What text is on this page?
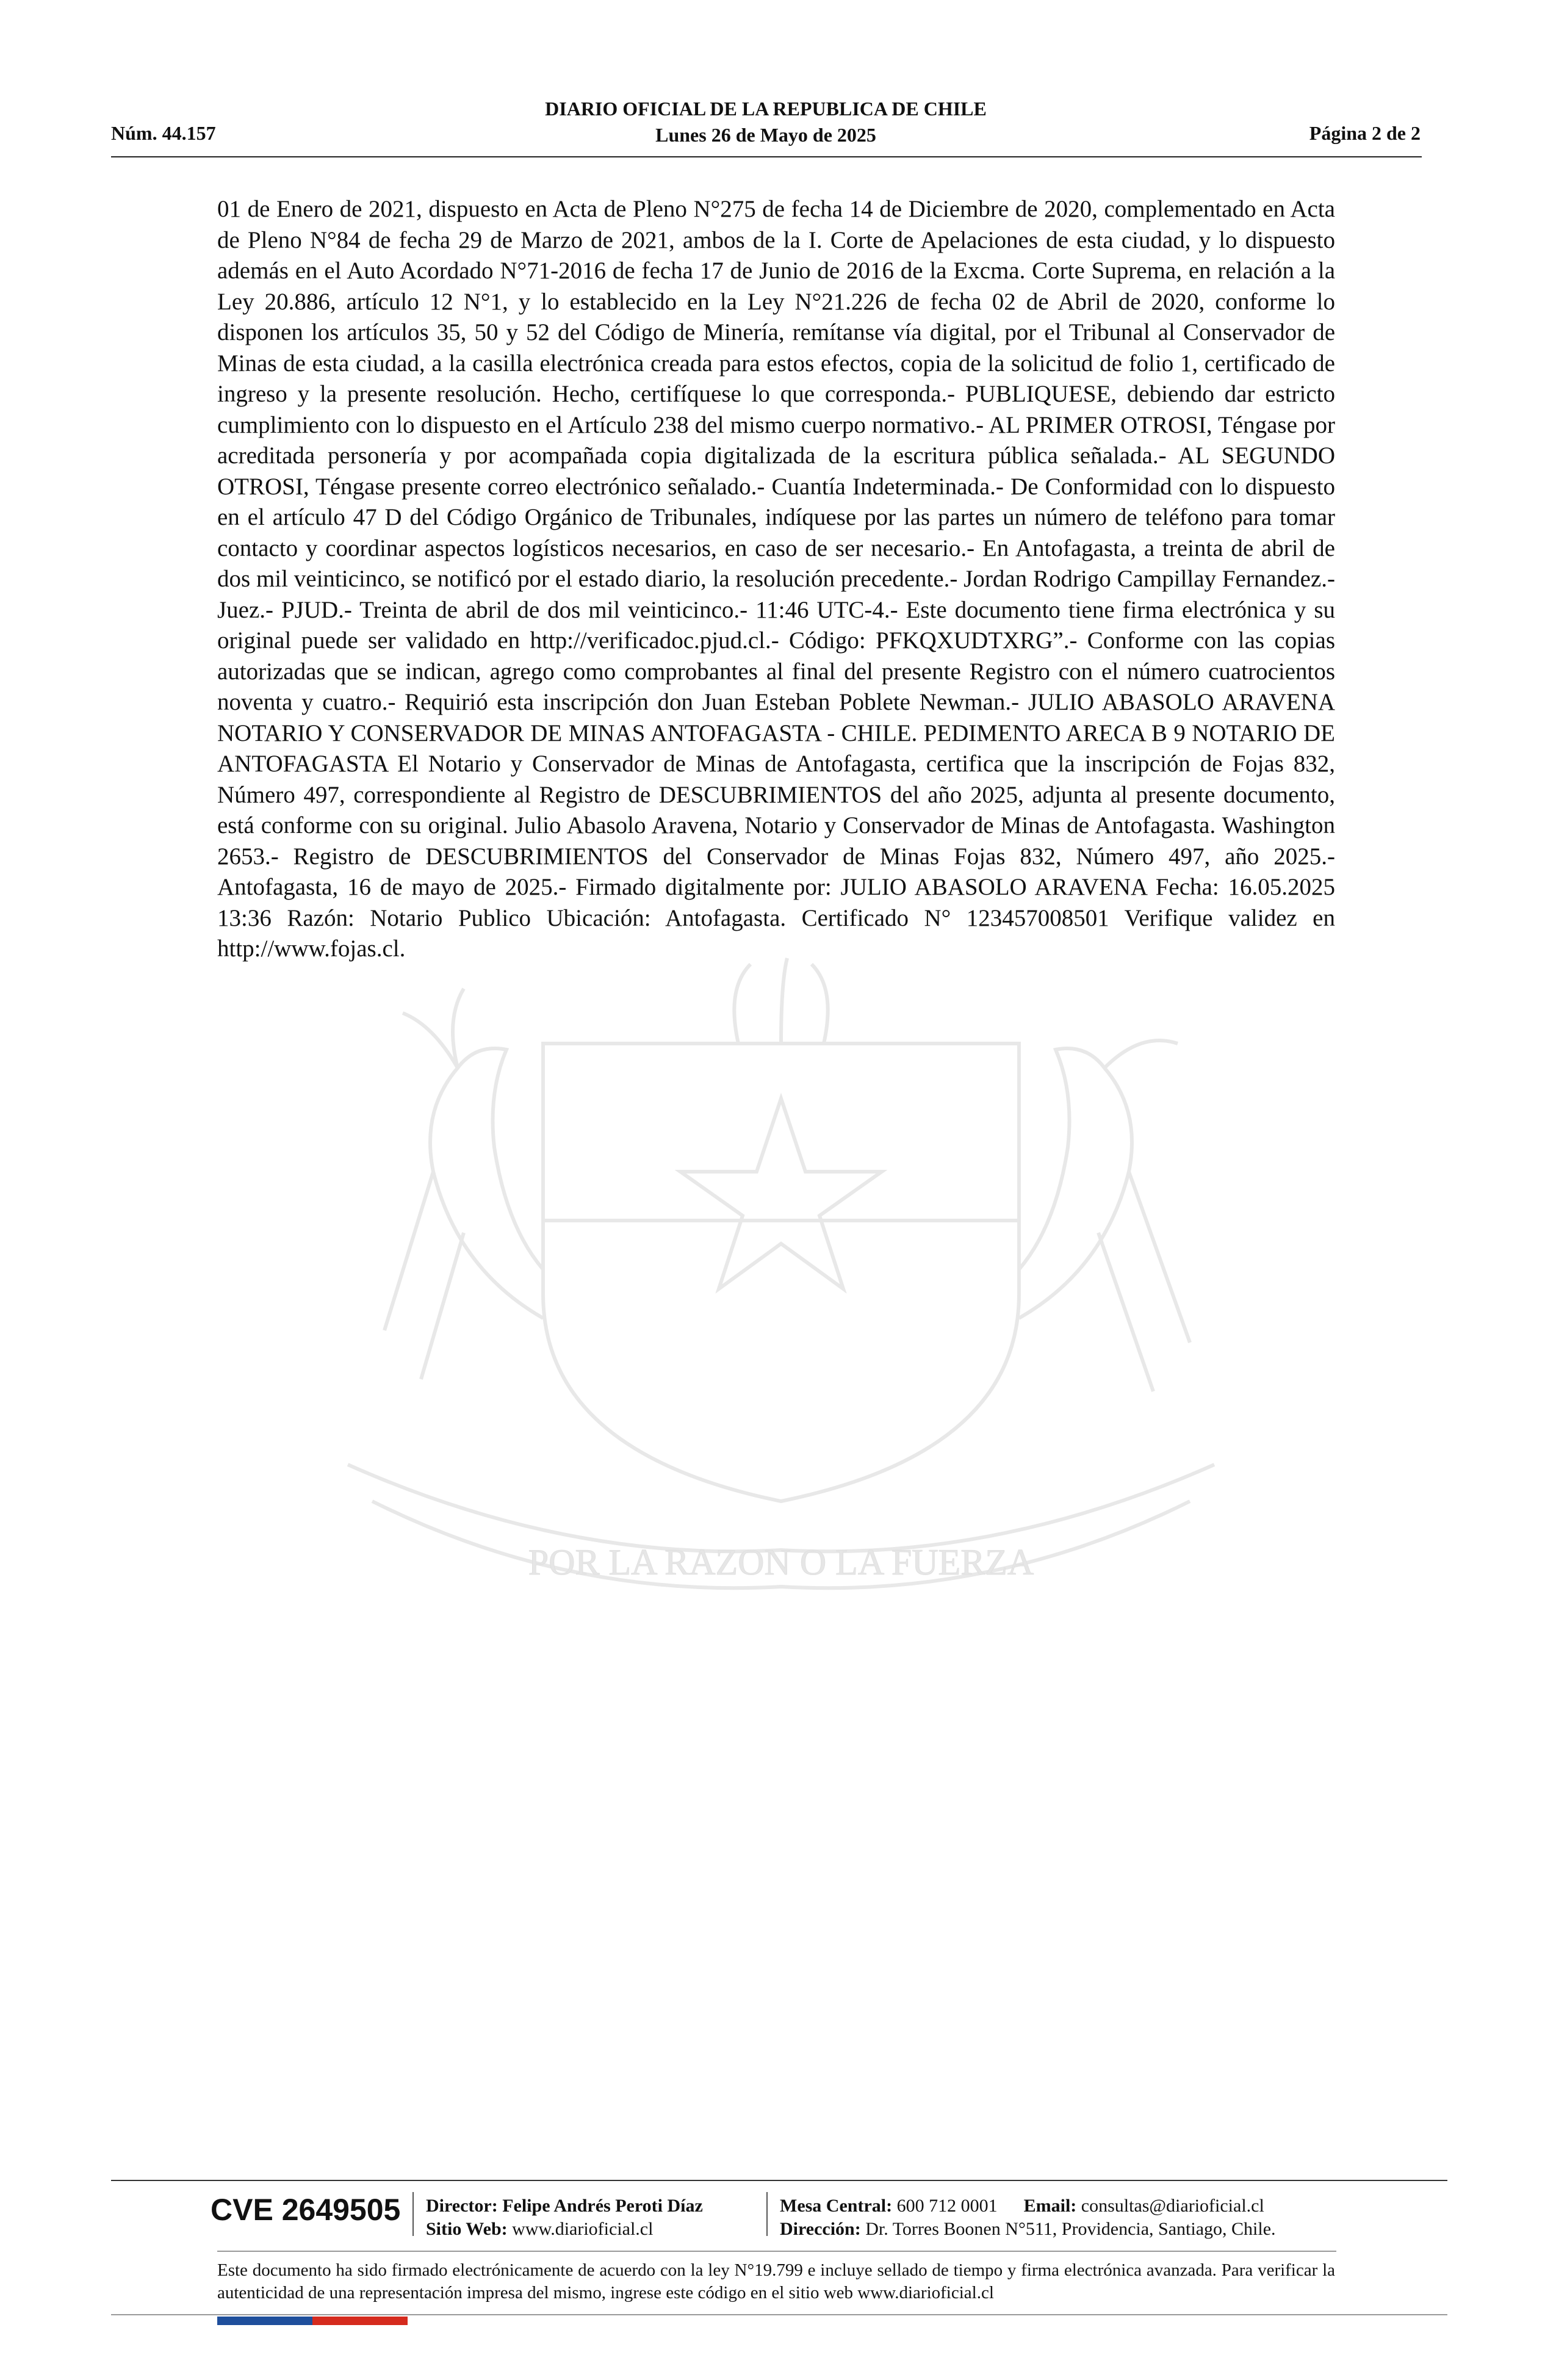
Núm. 44.157
DIARIO OFICIAL DE LA REPUBLICA DE CHILE
Lunes 26 de Mayo de 2025	Página 2 de 2
POR LA RAZON O LA FUERZA

01 de Enero de 2021, dispuesto en Acta de Pleno N°275 de fecha 14 de Diciembre de 2020, complementado en Acta de Pleno N°84 de fecha 29 de Marzo de 2021, ambos de la I. Corte de Apelaciones de esta ciudad, y lo dispuesto además en el Auto Acordado N°71-2016 de fecha 17 de Junio de 2016 de la Excma. Corte Suprema, en relación a la Ley 20.886, artículo 12 N°1, y lo establecido en la Ley N°21.226 de fecha 02 de Abril de 2020, conforme lo disponen los artículos 35, 50 y 52 del Código de Minería, remítanse vía digital, por el Tribunal al Conservador de Minas de esta ciudad, a la casilla electrónica creada para estos efectos, copia de la solicitud de folio 1, certificado de ingreso y la presente resolución. Hecho, certifíquese lo que corresponda.- PUBLIQUESE, debiendo dar estricto cumplimiento con lo dispuesto en el Artículo 238 del mismo cuerpo normativo.- AL PRIMER OTROSI, Téngase por acreditada personería y por acompañada copia digitalizada de la escritura pública señalada.- AL SEGUNDO OTROSI, Téngase presente correo electrónico señalado.- Cuantía Indeterminada.- De Conformidad con lo dispuesto en el artículo 47 D del Código Orgánico de Tribunales, indíquese por las partes un número de teléfono para tomar contacto y coordinar aspectos logísticos necesarios, en caso de ser necesario.- En Antofagasta, a treinta de abril de dos mil veinticinco, se notificó por el estado diario, la resolución precedente.- Jordan Rodrigo Campillay Fernandez.- Juez.- PJUD.- Treinta de abril de dos mil veinticinco.- 11:46 UTC-4.- Este documento tiene firma electrónica y su original puede ser validado en http://verificadoc.pjud.cl.- Código: PFKQXUDTXRG”.- Conforme con las copias autorizadas que se indican, agrego como comprobantes al final del presente Registro con el número cuatrocientos noventa y cuatro.- Requirió esta inscripción don Juan Esteban Poblete Newman.- JULIO ABASOLO ARAVENA NOTARIO Y CONSERVADOR DE MINAS ANTOFAGASTA - CHILE. PEDIMENTO ARECA B 9 NOTARIO DE ANTOFAGASTA El Notario y Conservador de Minas de Antofagasta, certifica que la inscripción de Fojas 832, Número 497, correspondiente al Registro de DESCUBRIMIENTOS del año 2025, adjunta al presente documento, está conforme con su original. Julio Abasolo Aravena, Notario y Conservador de Minas de Antofagasta. Washington 2653.- Registro de DESCUBRIMIENTOS del Conservador de Minas Fojas 832, Número 497, año 2025.- Antofagasta, 16 de mayo de 2025.- Firmado digitalmente por: JULIO ABASOLO ARAVENA Fecha: 16.05.2025 13:36 Razón: Notario Publico Ubicación: Antofagasta. Certificado N° 123457008501 Verifique validez en http://www.fojas.cl.

CVE 2649505 Director: Felipe Andrés Peroti Díaz
Sitio Web: www.diarioficial.cl
Mesa Central: 600 712 0001 Email: consultas@diarioficial.cl
Dirección: Dr. Torres Boonen N°511, Providencia, Santiago, Chile.

Este documento ha sido firmado electrónicamente de acuerdo con la ley N°19.799 e incluye sellado de tiempo y firma electrónica avanzada. Para verificar la autenticidad de una representación impresa del mismo, ingrese este código en el sitio web www.diarioficial.cl
